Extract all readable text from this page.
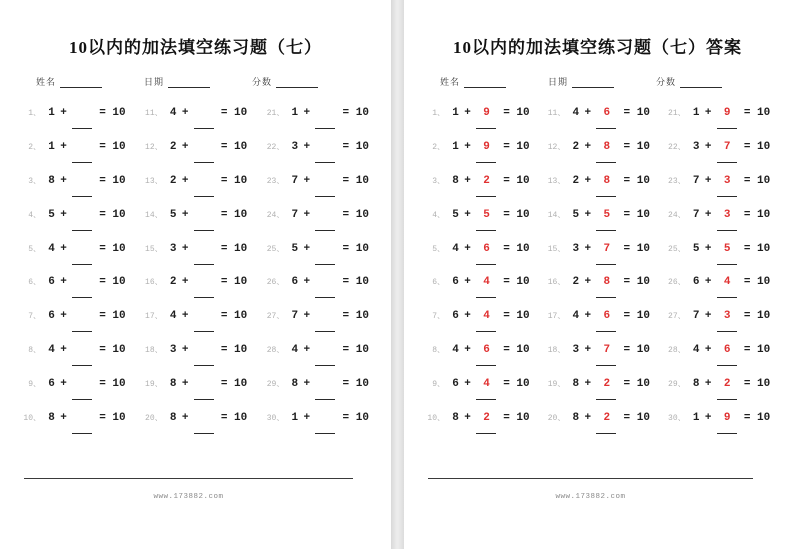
10以内的加法填空练习题（七）
姓名	日期	分数
1、 1 +	= 10
2、 1 +	= 10
3、 8 +	= 10
4、 5 +	= 10
5、 4 +	= 10
6、 6 +	= 10
7、 6 +	= 10
8、 4 +	= 10
9、 6 +	= 10
10、 8 +	= 10
11、 4 +	= 10
12、 2 +	= 10
13、 2 +	= 10
14、 5 +	= 10
15、 3 +	= 10
16、 2 +	= 10
17、 4 +	= 10
18、 3 +	= 10
19、 8 +	= 10
20、 8 +	= 10
21、 1 +	= 10
22、 3 +	= 10
23、 7 +	= 10
24、 7 +	= 10
25、 5 +	= 10
26、 6 +	= 10
27、 7 +	= 10
28、 4 +	= 10
29、 8 +	= 10
30、 1 +	= 10
www.173882.com
10以内的加法填空练习题（七）答案
姓名	日期	分数
1、 1 +	9	= 10
2、 1 +	9	= 10
3、 8 +	2	= 10
4、 5 +	5	= 10
5、 4 +	6	= 10
6、 6 +	4	= 10
7、 6 +	4	= 10
8、 4 +	6	= 10
9、 6 +	4	= 10
10、 8 +	2	= 10
11、 4 +	6	= 10
12、 2 +	8	= 10
13、 2 +	8	= 10
14、 5 +	5	= 10
15、 3 +	7	= 10
16、 2 +	8	= 10
17、 4 +	6	= 10
18、 3 +	7	= 10
19、 8 +	2	= 10
20、 8 +	2	= 10
21、 1 +	9	= 10
22、 3 +	7	= 10
23、 7 +	3	= 10
24、 7 +	3	= 10
25、 5 +	5	= 10
26、 6 +	4	= 10
27、 7 +	3	= 10
28、 4 +	6	= 10
29、 8 +	2	= 10
30、 1 +	9	= 10
www.173882.com
